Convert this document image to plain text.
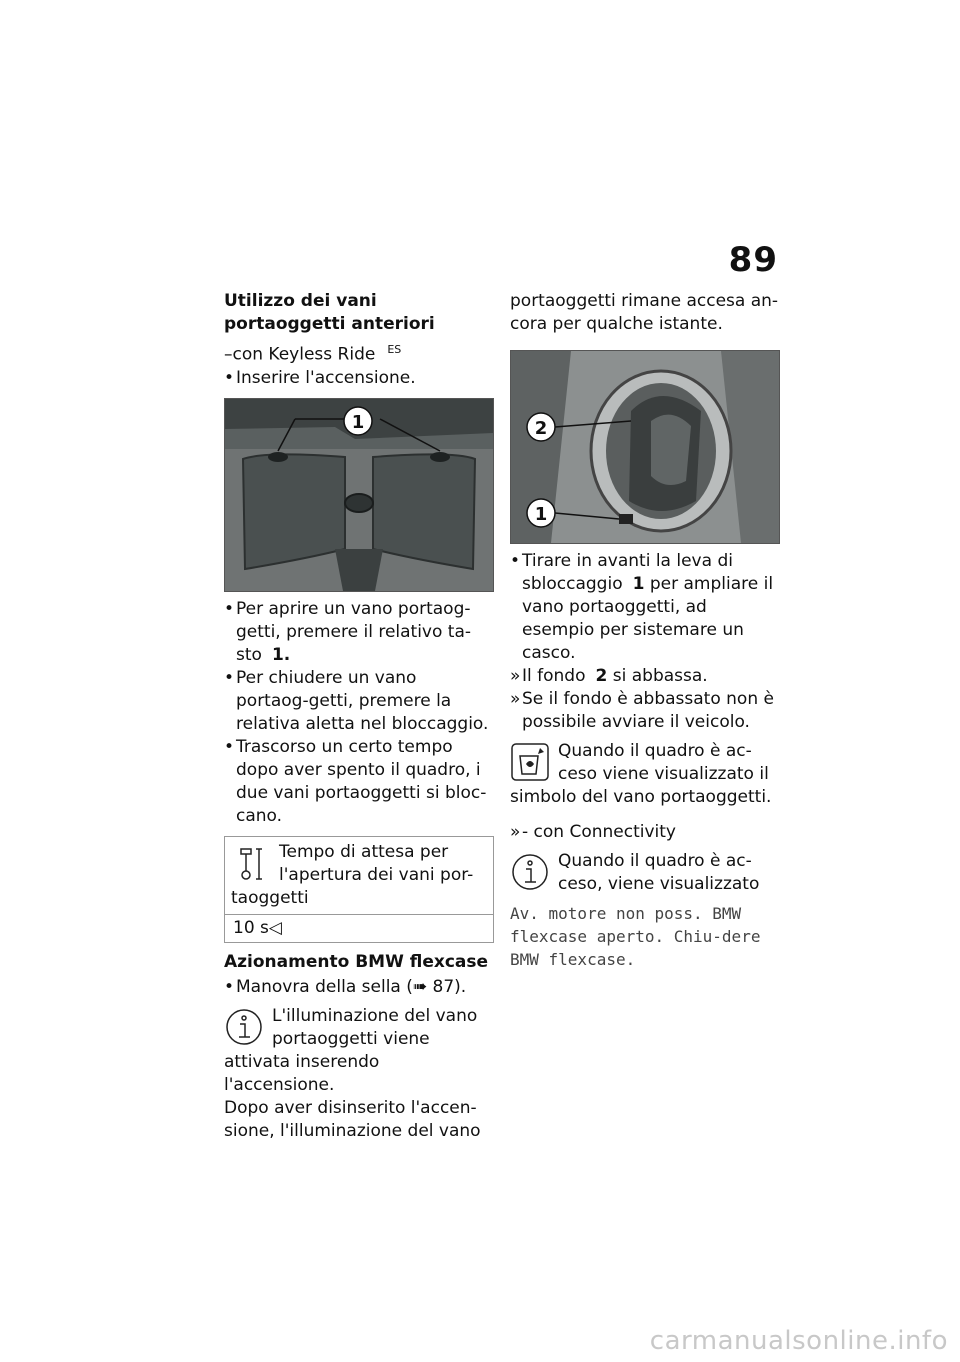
89
Utilizzo dei vani portaoggetti anteriori

–con Keyless Ride $^{ES}$

• Inserire l'accensione.
1
• Per aprire un vano portaog-getti, premere il relativo ta-sto 1.
• Per chiudere un vano portaog-getti, premere la relativa aletta nel bloccaggio.
• Trascorso un certo tempo dopo aver spento il quadro, i due vani portaoggetti si bloc-cano.
Tempo di attesa per l'apertura dei vani por-taoggetti
10 s◁
Azionamento BMW flexcase
• Manovra della sella (➠ 87).
L'illuminazione del vano portaoggetti viene attivata inserendo l'accensione.
Dopo aver disinserito l'accen-sione, l'illuminazione del vano

portaoggetti rimane accesa an-cora per qualche istante.

2
1
• Tirare in avanti la leva di sbloccaggio 1 per ampliare il vano portaoggetti, ad esempio per sistemare un casco.
» Il fondo 2 si abbassa.
» Se il fondo è abbassato non è possibile avviare il veicolo.
Quando il quadro è ac-ceso viene visualizzato il simbolo del vano portaoggetti.
» - con Connectivity
Quando il quadro è ac-ceso, viene visualizzato
Av. motore non poss. BMW flexcase aperto. Chiu-dere BMW flexcase.
carmanualsonline.info
